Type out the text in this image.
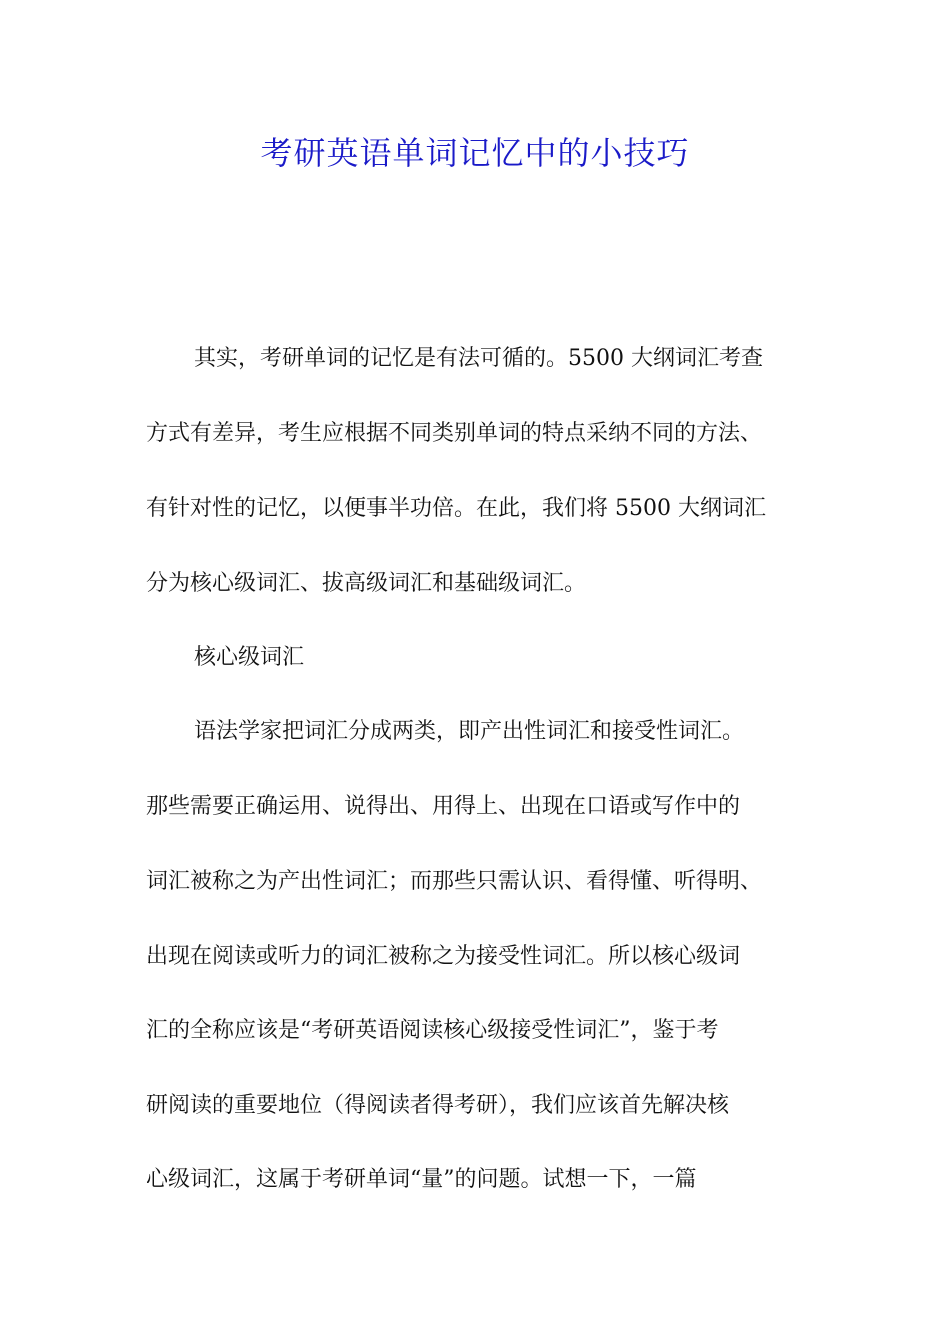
考研英语单词记忆中的小技巧
其实，考研单词的记忆是有法可循的。5500 大纲词汇考查
方式有差异，考生应根据不同类别单词的特点采纳不同的方法、
有针对性的记忆，以便事半功倍。在此，我们将 5500 大纲词汇
分为核心级词汇、拔高级词汇和基础级词汇。
核心级词汇
语法学家把词汇分成两类，即产出性词汇和接受性词汇。
那些需要正确运用、说得出、用得上、出现在口语或写作中的
词汇被称之为产出性词汇；而那些只需认识、看得懂、听得明、
出现在阅读或听力的词汇被称之为接受性词汇。所以核心级词
汇的全称应该是“考研英语阅读核心级接受性词汇”，鉴于考
研阅读的重要地位（得阅读者得考研），我们应该首先解决核
心级词汇，这属于考研单词“量”的问题。试想一下，一篇
